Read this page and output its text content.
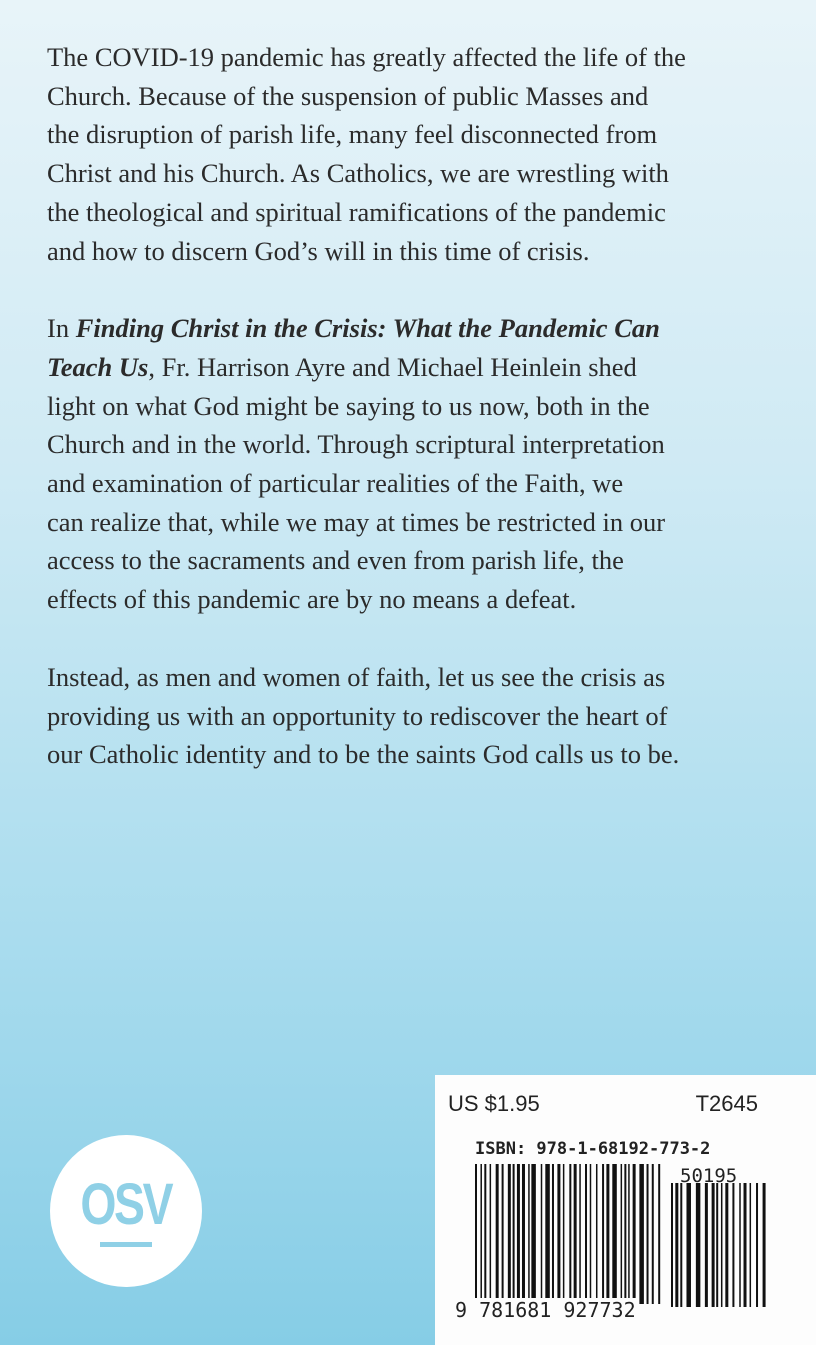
The COVID-19 pandemic has greatly affected the life of the
Church. Because of the suspension of public Masses and
the disruption of parish life, many feel disconnected from
Christ and his Church. As Catholics, we are wrestling with
the theological and spiritual ramifications of the pandemic
and how to discern God’s will in this time of crisis.

In Finding Christ in the Crisis: What the Pandemic Can
Teach Us, Fr. Harrison Ayre and Michael Heinlein shed
light on what God might be saying to us now, both in the
Church and in the world. Through scriptural interpretation
and examination of particular realities of the Faith, we
can realize that, while we may at times be restricted in our
access to the sacraments and even from parish life, the
effects of this pandemic are by no means a defeat.

Instead, as men and women of faith, let us see the crisis as
providing us with an opportunity to rediscover the heart of
our Catholic identity and to be the saints God calls us to be.

OSV
US $1.95	T2645
ISBN: 978-1-68192-773-2
50195
9 781681 927732
